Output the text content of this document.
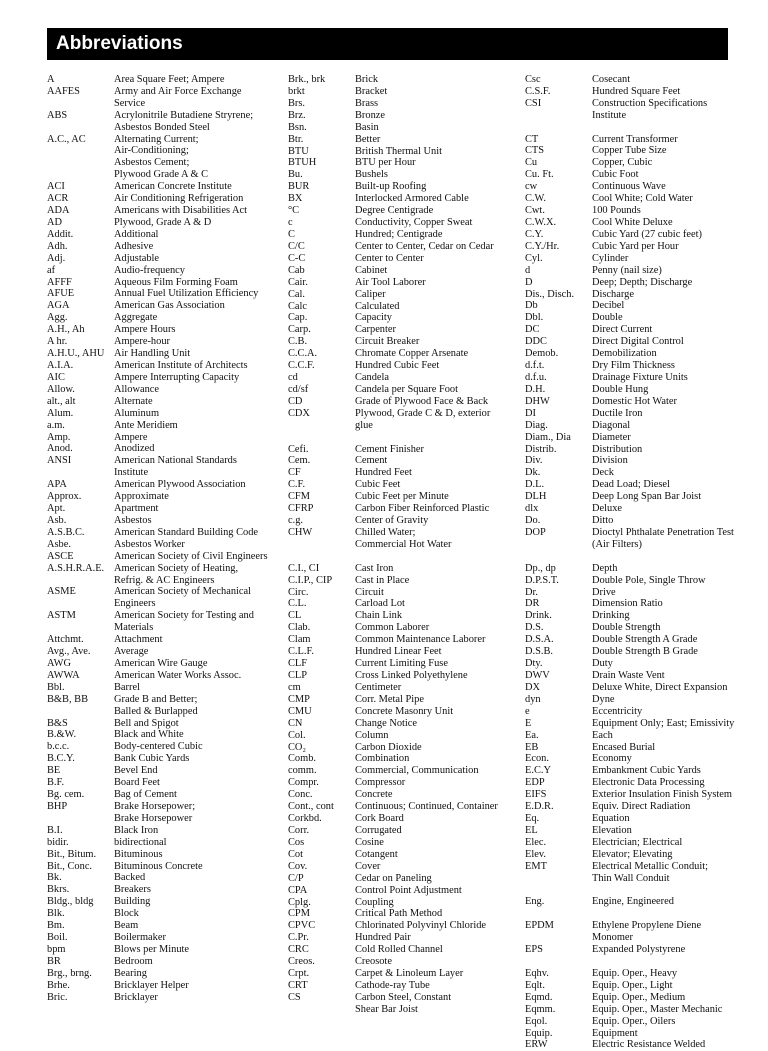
Abbreviations
A	Area Square Feet; Ampere
AAFES	Army and Air Force Exchange
Service
ABS	Acrylonitrile Butadiene Stryrene;
Asbestos Bonded Steel
A.C., AC	Alternating Current;
Air-Conditioning;
Asbestos Cement;
Plywood Grade A & C
ACI	American Concrete Institute
ACR	Air Conditioning Refrigeration
ADA	Americans with Disabilities Act
AD	Plywood, Grade A & D
Addit.	Additional
Adh.	Adhesive
Adj.	Adjustable
af	Audio-frequency
AFFF	Aqueous Film Forming Foam
AFUE	Annual Fuel Utilization Efficiency
AGA	American Gas Association
Agg.	Aggregate
A.H., Ah	Ampere Hours
A hr.	Ampere-hour
A.H.U., AHU Air Handling Unit
A.I.A.	American Institute of Architects
AIC	Ampere Interrupting Capacity
Allow.	Allowance
alt., alt	Alternate
Alum.	Aluminum
a.m.	Ante Meridiem
Amp.	Ampere
Anod.	Anodized
ANSI	American National Standards
Institute
APA	American Plywood Association
Approx.	Approximate
Apt.	Apartment
Asb.	Asbestos
A.S.B.C.	American Standard Building Code
Asbe.	Asbestos Worker
ASCE	American Society of Civil Engineers
A.S.H.R.A.E. American Society of Heating,
Refrig. & AC Engineers
ASME	American Society of Mechanical
Engineers
ASTM	American Society for Testing and
Materials
Attchmt.	Attachment
Avg., Ave.	Average
AWG	American Wire Gauge
AWWA	American Water Works Assoc.
Bbl.	Barrel
B&B, BB	Grade B and Better;
Balled & Burlapped
B&S	Bell and Spigot
B.&W.	Black and White
b.c.c.	Body-centered Cubic
B.C.Y.	Bank Cubic Yards
BE	Bevel End
B.F.	Board Feet
Bg. cem.	Bag of Cement
BHP	Brake Horsepower;
Brake Horsepower
B.I.	Black Iron
bidir.	bidirectional
Bit., Bitum.	Bituminous
Bit., Conc.	Bituminous Concrete
Bk.	Backed
Bkrs.	Breakers
Bldg., bldg	Building
Blk.	Block
Bm.	Beam
Boil.	Boilermaker
bpm	Blows per Minute
BR	Bedroom
Brg., brng.	Bearing
Brhe.	Bricklayer Helper
Bric.	Bricklayer
Brk., brk	Brick
brkt	Bracket
Brs.	Brass
Brz.	Bronze
Bsn.	Basin
Btr.	Better
BTU	British Thermal Unit
BTUH	BTU per Hour
Bu.	Bushels
BUR	Built-up Roofing
BX	Interlocked Armored Cable
°C	Degree Centigrade
c	Conductivity, Copper Sweat
C	Hundred; Centigrade
C/C	Center to Center, Cedar on Cedar
C-C	Center to Center
Cab	Cabinet
Cair.	Air Tool Laborer
Cal.	Caliper
Calc	Calculated
Cap.	Capacity
Carp.	Carpenter
C.B.	Circuit Breaker
C.C.A.	Chromate Copper Arsenate
C.C.F.	Hundred Cubic Feet
cd	Candela
cd/sf	Candela per Square Foot
CD	Grade of Plywood Face & Back
CDX	Plywood, Grade C & D, exterior
glue
Cefi.	Cement Finisher
Cem.	Cement
CF	Hundred Feet
C.F.	Cubic Feet
CFM	Cubic Feet per Minute
CFRP	Carbon Fiber Reinforced Plastic
c.g.	Center of Gravity
CHW	Chilled Water;
Commercial Hot Water
C.I., CI	Cast Iron
C.I.P., CIP	Cast in Place
Circ.	Circuit
C.L.	Carload Lot
CL	Chain Link
Clab.	Common Laborer
Clam	Common Maintenance Laborer
C.L.F.	Hundred Linear Feet
CLF	Current Limiting Fuse
CLP	Cross Linked Polyethylene
cm	Centimeter
CMP	Corr. Metal Pipe
CMU	Concrete Masonry Unit
CN	Change Notice
Col.	Column
CO₂	Carbon Dioxide
Comb.	Combination
comm.	Commercial, Communication
Compr.	Compressor
Conc.	Concrete
Cont., cont	Continuous; Continued, Container
Corkbd.	Cork Board
Corr.	Corrugated
Cos	Cosine
Cot	Cotangent
Cov.	Cover
C/P	Cedar on Paneling
CPA	Control Point Adjustment
Cplg.	Coupling
CPM	Critical Path Method
CPVC	Chlorinated Polyvinyl Chloride
C.Pr.	Hundred Pair
CRC	Cold Rolled Channel
Creos.	Creosote
Crpt.	Carpet & Linoleum Layer
CRT	Cathode-ray Tube
CS	Carbon Steel, Constant
Shear Bar Joist
Csc	Cosecant
C.S.F.	Hundred Square Feet
CSI	Construction Specifications
Institute
CT	Current Transformer
CTS	Copper Tube Size
Cu	Copper, Cubic
Cu. Ft.	Cubic Foot
cw	Continuous Wave
C.W.	Cool White; Cold Water
Cwt.	100 Pounds
C.W.X.	Cool White Deluxe
C.Y.	Cubic Yard (27 cubic feet)
C.Y./Hr.	Cubic Yard per Hour
Cyl.	Cylinder
d	Penny (nail size)
D	Deep; Depth; Discharge
Dis., Disch.	Discharge
Db	Decibel
Dbl.	Double
DC	Direct Current
DDC	Direct Digital Control
Demob.	Demobilization
d.f.t.	Dry Film Thickness
d.f.u.	Drainage Fixture Units
D.H.	Double Hung
DHW	Domestic Hot Water
DI	Ductile Iron
Diag.	Diagonal
Diam., Dia	Diameter
Distrib.	Distribution
Div.	Division
Dk.	Deck
D.L.	Dead Load; Diesel
DLH	Deep Long Span Bar Joist
dlx	Deluxe
Do.	Ditto
DOP	Dioctyl Phthalate Penetration Test
(Air Filters)
Dp., dp	Depth
D.P.S.T.	Double Pole, Single Throw
Dr.	Drive
DR	Dimension Ratio
Drink.	Drinking
D.S.	Double Strength
D.S.A.	Double Strength A Grade
D.S.B.	Double Strength B Grade
Dty.	Duty
DWV	Drain Waste Vent
DX	Deluxe White, Direct Expansion
dyn	Dyne
e	Eccentricity
E	Equipment Only; East; Emissivity
Ea.	Each
EB	Encased Burial
Econ.	Economy
E.C.Y	Embankment Cubic Yards
EDP	Electronic Data Processing
EIFS	Exterior Insulation Finish System
E.D.R.	Equiv. Direct Radiation
Eq.	Equation
EL	Elevation
Elec.	Electrician; Electrical
Elev.	Elevator; Elevating
EMT	Electrical Metallic Conduit;
Thin Wall Conduit
Eng.	Engine, Engineered
EPDM	Ethylene Propylene Diene
Monomer
EPS	Expanded Polystyrene
Eqhv.	Equip. Oper., Heavy
Eqlt.	Equip. Oper., Light
Eqmd.	Equip. Oper., Medium
Eqmm.	Equip. Oper., Master Mechanic
Eqol.	Equip. Oper., Oilers
Equip.	Equipment
ERW	Electric Resistance Welded
